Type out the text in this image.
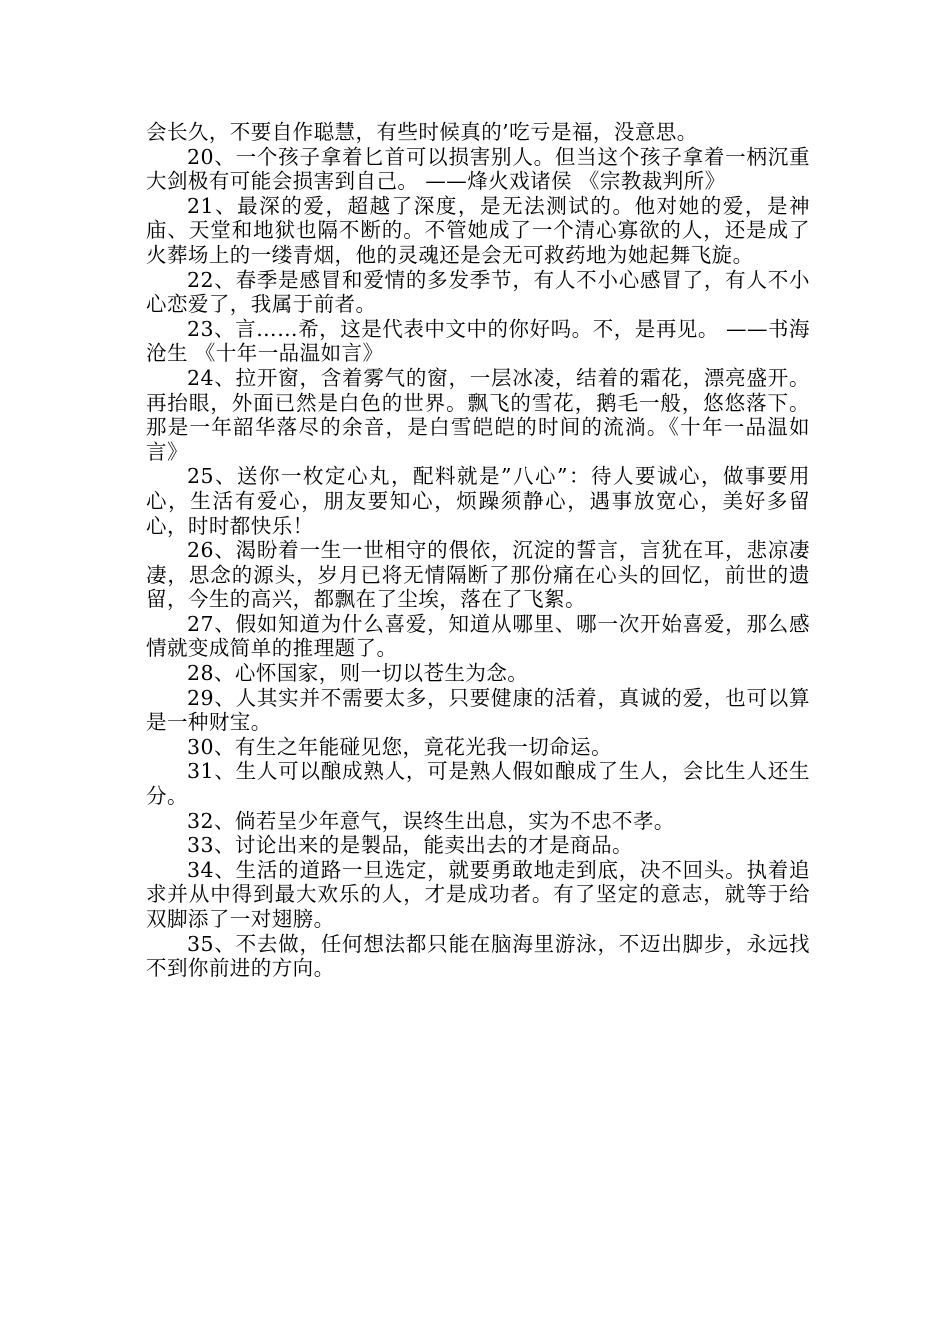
会长久，不要自作聪慧，有些时候真的’吃亏是福，没意思。

20、一个孩子拿着匕首可以损害别人。但当这个孩子拿着一柄沉重大剑极有可能会损害到自己。 ——烽火戏诸侯 《宗教裁判所》

21、最深的爱，超越了深度，是无法测试的。他对她的爱，是神庙、天堂和地狱也隔不断的。不管她成了一个清心寡欲的人，还是成了火葬场上的一缕青烟，他的灵魂还是会无可救药地为她起舞飞旋。

22、春季是感冒和爱情的多发季节，有人不小心感冒了，有人不小心恋爱了，我属于前者。

23、言……希，这是代表中文中的你好吗。不，是再见。 ——书海沧生 《十年一品温如言》

24、拉开窗，含着雾气的窗，一层冰凌，结着的霜花，漂亮盛开。再抬眼，外面已然是白色的世界。飘飞的雪花，鹅毛一般，悠悠落下。那是一年韶华落尽的余音，是白雪皑皑的时间的流淌。《十年一品温如言》

25、送你一枚定心丸，配料就是”八心”：待人要诚心，做事要用心，生活有爱心，朋友要知心，烦躁须静心，遇事放宽心，美好多留心，时时都快乐！

26、渴盼着一生一世相守的偎依，沉淀的誓言，言犹在耳，悲凉凄凄，思念的源头，岁月已将无情隔断了那份痛在心头的回忆，前世的遗留，今生的高兴，都飘在了尘埃，落在了飞絮。

27、假如知道为什么喜爱，知道从哪里、哪一次开始喜爱，那么感情就变成简单的推理题了。

28、心怀国家，则一切以苍生为念。

29、人其实并不需要太多，只要健康的活着，真诚的爱，也可以算是一种财宝。

30、有生之年能碰见您，竟花光我一切命运。

31、生人可以酿成熟人，可是熟人假如酿成了生人，会比生人还生分。

32、倘若呈少年意气，误终生出息，实为不忠不孝。

33、讨论出来的是製品，能卖出去的才是商品。

34、生活的道路一旦选定，就要勇敢地走到底，决不回头。执着追求并从中得到最大欢乐的人，才是成功者。有了坚定的意志，就等于给双脚添了一对翅膀。

35、不去做，任何想法都只能在脑海里游泳，不迈出脚步，永远找不到你前进的方向。
